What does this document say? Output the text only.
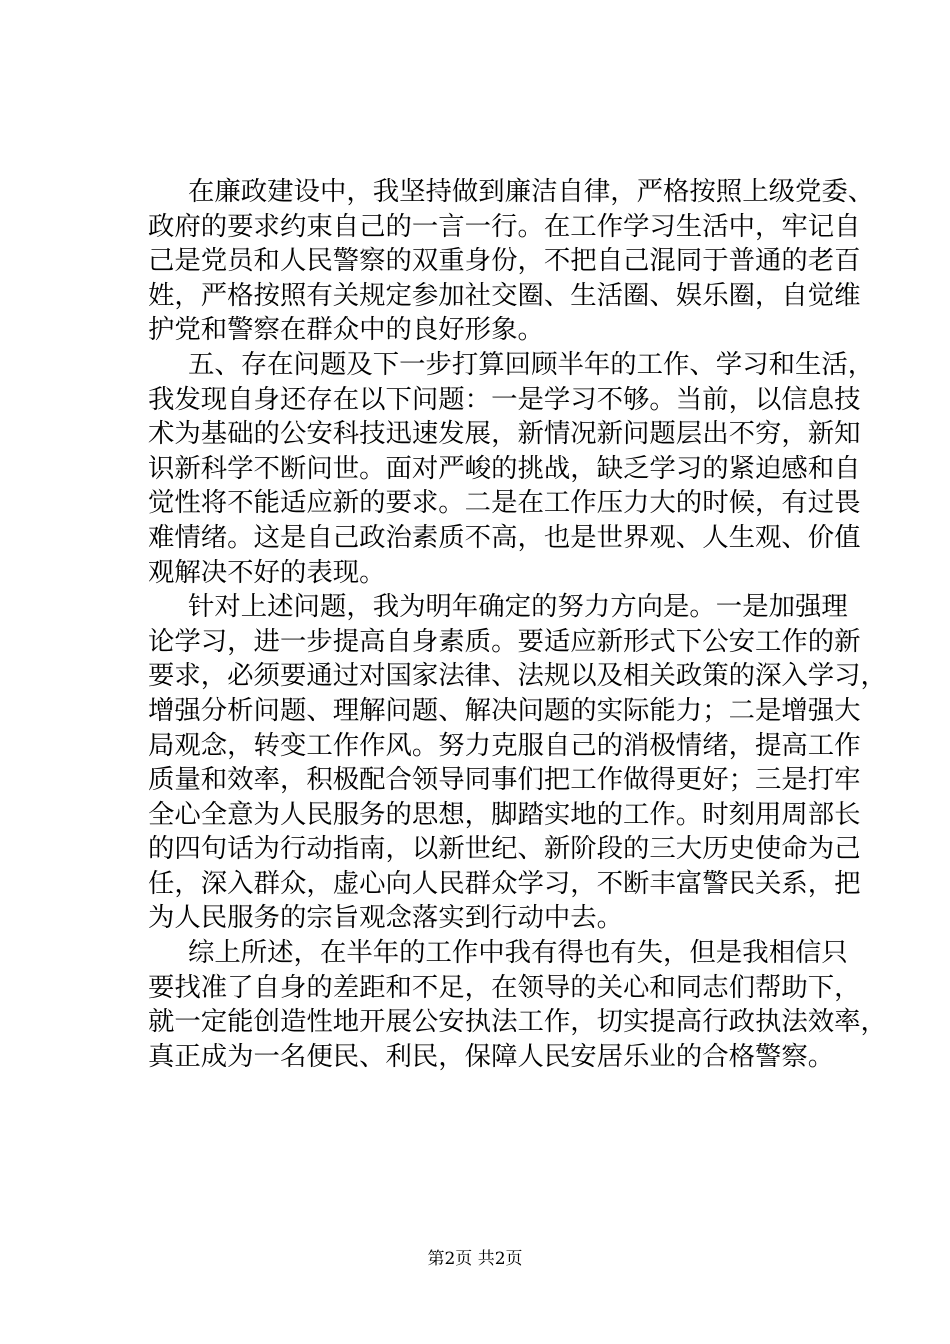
在廉政建设中，我坚持做到廉洁自律，严格按照上级党委、
政府的要求约束自己的一言一行。在工作学习生活中，牢记自
己是党员和人民警察的双重身份，不把自己混同于普通的老百
姓，严格按照有关规定参加社交圈、生活圈、娱乐圈，自觉维
护党和警察在群众中的良好形象。
五、存在问题及下一步打算回顾半年的工作、学习和生活，
我发现自身还存在以下问题：一是学习不够。当前，以信息技
术为基础的公安科技迅速发展，新情况新问题层出不穷，新知
识新科学不断问世。面对严峻的挑战，缺乏学习的紧迫感和自
觉性将不能适应新的要求。二是在工作压力大的时候，有过畏
难情绪。这是自己政治素质不高，也是世界观、人生观、价值
观解决不好的表现。
针对上述问题，我为明年确定的努力方向是。一是加强理
论学习，进一步提高自身素质。要适应新形式下公安工作的新
要求，必须要通过对国家法律、法规以及相关政策的深入学习，
增强分析问题、理解问题、解决问题的实际能力；二是增强大
局观念，转变工作作风。努力克服自己的消极情绪，提高工作
质量和效率，积极配合领导同事们把工作做得更好；三是打牢
全心全意为人民服务的思想，脚踏实地的工作。时刻用周部长
的四句话为行动指南，以新世纪、新阶段的三大历史使命为己
任，深入群众，虚心向人民群众学习，不断丰富警民关系，把
为人民服务的宗旨观念落实到行动中去。
综上所述，在半年的工作中我有得也有失，但是我相信只
要找准了自身的差距和不足，在领导的关心和同志们帮助下，
就一定能创造性地开展公安执法工作，切实提高行政执法效率，
真正成为一名便民、利民，保障人民安居乐业的合格警察。
第2页 共2页
